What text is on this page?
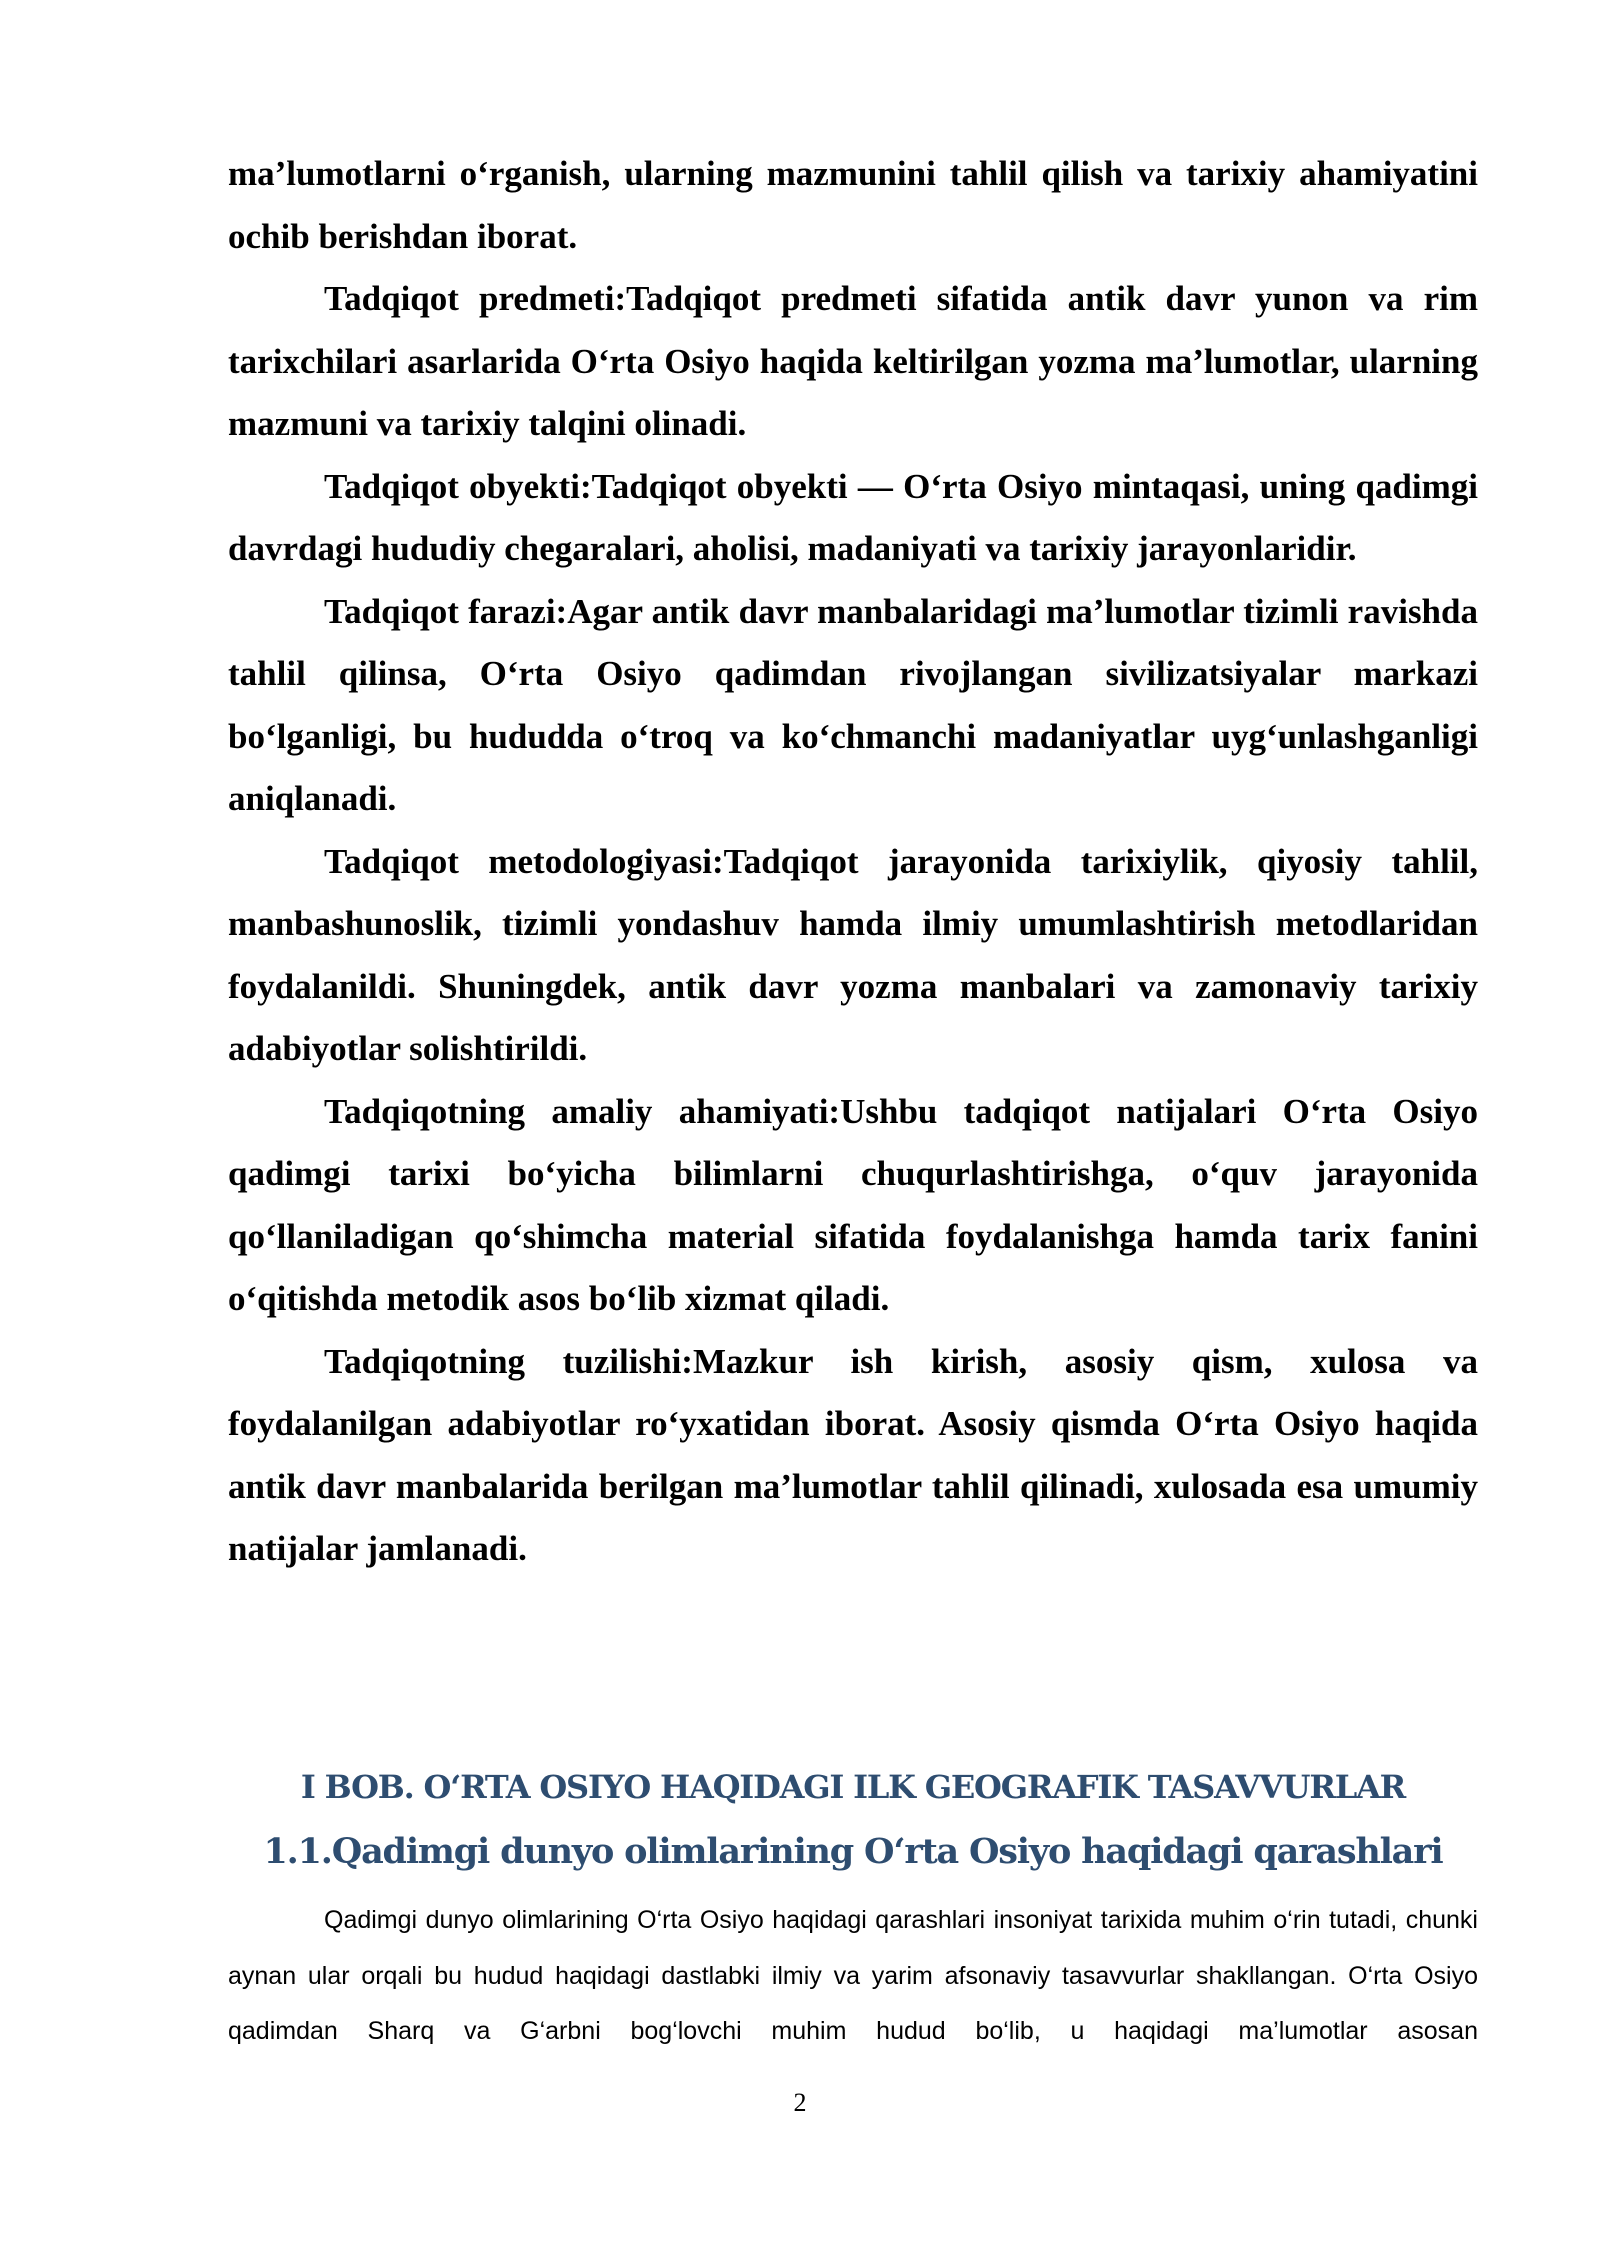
ma’lumotlarni o‘rganish, ularning mazmunini tahlil qilish va tarixiy ahamiyatini ochib berishdan iborat.

Tadqiqot predmeti:Tadqiqot predmeti sifatida antik davr yunon va rim tarixchilari asarlarida O‘rta Osiyo haqida keltirilgan yozma ma’lumotlar, ularning mazmuni va tarixiy talqini olinadi.

Tadqiqot obyekti:Tadqiqot obyekti — O‘rta Osiyo mintaqasi, uning qadimgi davrdagi hududiy chegaralari, aholisi, madaniyati va tarixiy jarayonlaridir.

Tadqiqot farazi:Agar antik davr manbalaridagi ma’lumotlar tizimli ravishda tahlil qilinsa, O‘rta Osiyo qadimdan rivojlangan sivilizatsiyalar markazi bo‘lganligi, bu hududda o‘troq va ko‘chmanchi madaniyatlar uyg‘unlashganligi aniqlanadi.

Tadqiqot metodologiyasi:Tadqiqot jarayonida tarixiylik, qiyosiy tahlil, manbashunoslik, tizimli yondashuv hamda ilmiy umumlashtirish metodlaridan foydalanildi. Shuningdek, antik davr yozma manbalari va zamonaviy tarixiy adabiyotlar solishtirildi.

Tadqiqotning amaliy ahamiyati:Ushbu tadqiqot natijalari O‘rta Osiyo qadimgi tarixi bo‘yicha bilimlarni chuqurlashtirishga, o‘quv jarayonida qo‘llaniladigan qo‘shimcha material sifatida foydalanishga hamda tarix fanini o‘qitishda metodik asos bo‘lib xizmat qiladi.

Tadqiqotning tuzilishi:Mazkur ish kirish, asosiy qism, xulosa va foydalanilgan adabiyotlar ro‘yxatidan iborat. Asosiy qismda O‘rta Osiyo haqida antik davr manbalarida berilgan ma’lumotlar tahlil qilinadi, xulosada esa umumiy natijalar jamlanadi.

I BOB. O‘RTA OSIYO HAQIDAGI ILK GEOGRAFIK TASAVVURLAR
1.1.Qadimgi dunyo olimlarining O‘rta Osiyo haqidagi qarashlari

Qadimgi dunyo olimlarining O‘rta Osiyo haqidagi qarashlari insoniyat tarixida muhim o‘rin tutadi, chunki aynan ular orqali bu hudud haqidagi dastlabki ilmiy va yarim afsonaviy tasavvurlar shakllangan. O‘rta Osiyo qadimdan Sharq va G‘arbni bog‘lovchi muhim hudud bo‘lib, u haqidagi ma’lumotlar asosan

2
